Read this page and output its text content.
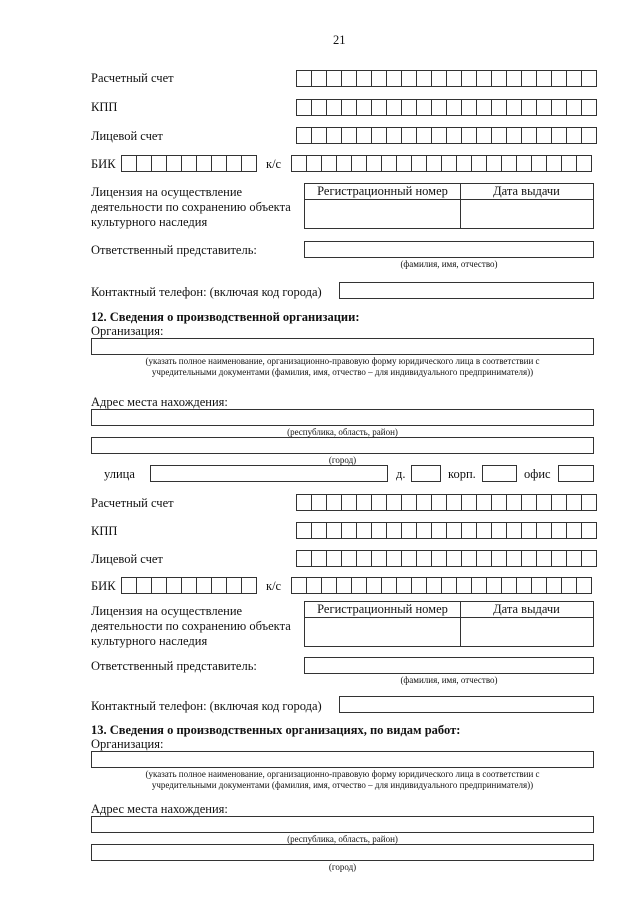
21
Расчетный счет
КПП
Лицевой счет
БИК	к/с
Лицензия на осуществление
деятельности по сохранению объекта
культурного наследия
Регистрационный номер	Дата выдачи
Ответственный представитель:
(фамилия, имя, отчество)
Контактный телефон: (включая код города)
12. Сведения о производственной организации:
Организация:
(указать полное наименование, организационно-правовую форму юридического лица в соответствии с
учредительными документами (фамилия, имя, отчество – для индивидуального предпринимателя))
Адрес места нахождения:
(республика, область, район)
(город)
улица	д.	корп.	офис
Расчетный счет
КПП
Лицевой счет
БИК	к/с
Лицензия на осуществление
деятельности по сохранению объекта
культурного наследия
Регистрационный номер	Дата выдачи
Ответственный представитель:
(фамилия, имя, отчество)
Контактный телефон: (включая код города)
13. Сведения о производственных организациях, по видам работ:
Организация:
(указать полное наименование, организационно-правовую форму юридического лица в соответствии с
учредительными документами (фамилия, имя, отчество – для индивидуального предпринимателя))
Адрес места нахождения:
(республика, область, район)
(город)
